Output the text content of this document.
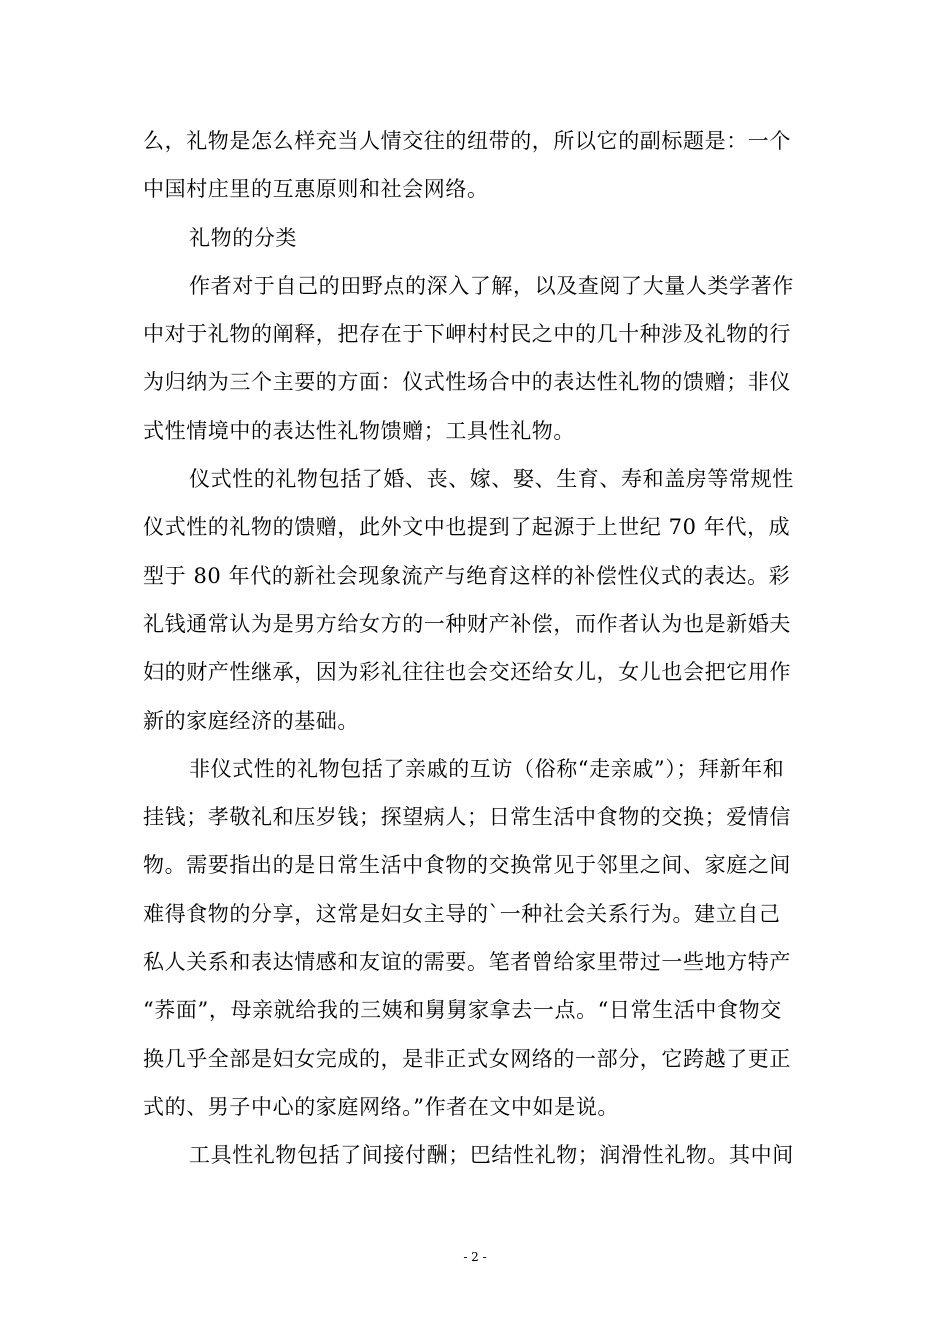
么，礼物是怎么样充当人情交往的纽带的，所以它的副标题是：一个
中国村庄里的互惠原则和社会网络。
礼物的分类
作者对于自己的田野点的深入了解，以及查阅了大量人类学著作
中对于礼物的阐释，把存在于下岬村村民之中的几十种涉及礼物的行
为归纳为三个主要的方面：仪式性场合中的表达性礼物的馈赠；非仪
式性情境中的表达性礼物馈赠；工具性礼物。
仪式性的礼物包括了婚、丧、嫁、娶、生育、寿和盖房等常规性
仪式性的礼物的馈赠，此外文中也提到了起源于上世纪 70 年代，成
型于 80 年代的新社会现象流产与绝育这样的补偿性仪式的表达。彩
礼钱通常认为是男方给女方的一种财产补偿，而作者认为也是新婚夫
妇的财产性继承，因为彩礼往往也会交还给女儿，女儿也会把它用作
新的家庭经济的基础。
非仪式性的礼物包括了亲戚的互访（俗称“走亲戚”）；拜新年和
挂钱；孝敬礼和压岁钱；探望病人；日常生活中食物的交换；爱情信
物。需要指出的是日常生活中食物的交换常见于邻里之间、家庭之间
难得食物的分享，这常是妇女主导的`一种社会关系行为。建立自己
私人关系和表达情感和友谊的需要。笔者曾给家里带过一些地方特产
“荞面”，母亲就给我的三姨和舅舅家拿去一点。“日常生活中食物交
换几乎全部是妇女完成的，是非正式女网络的一部分，它跨越了更正
式的、男子中心的家庭网络。”作者在文中如是说。
工具性礼物包括了间接付酬；巴结性礼物；润滑性礼物。其中间
- 2 -
